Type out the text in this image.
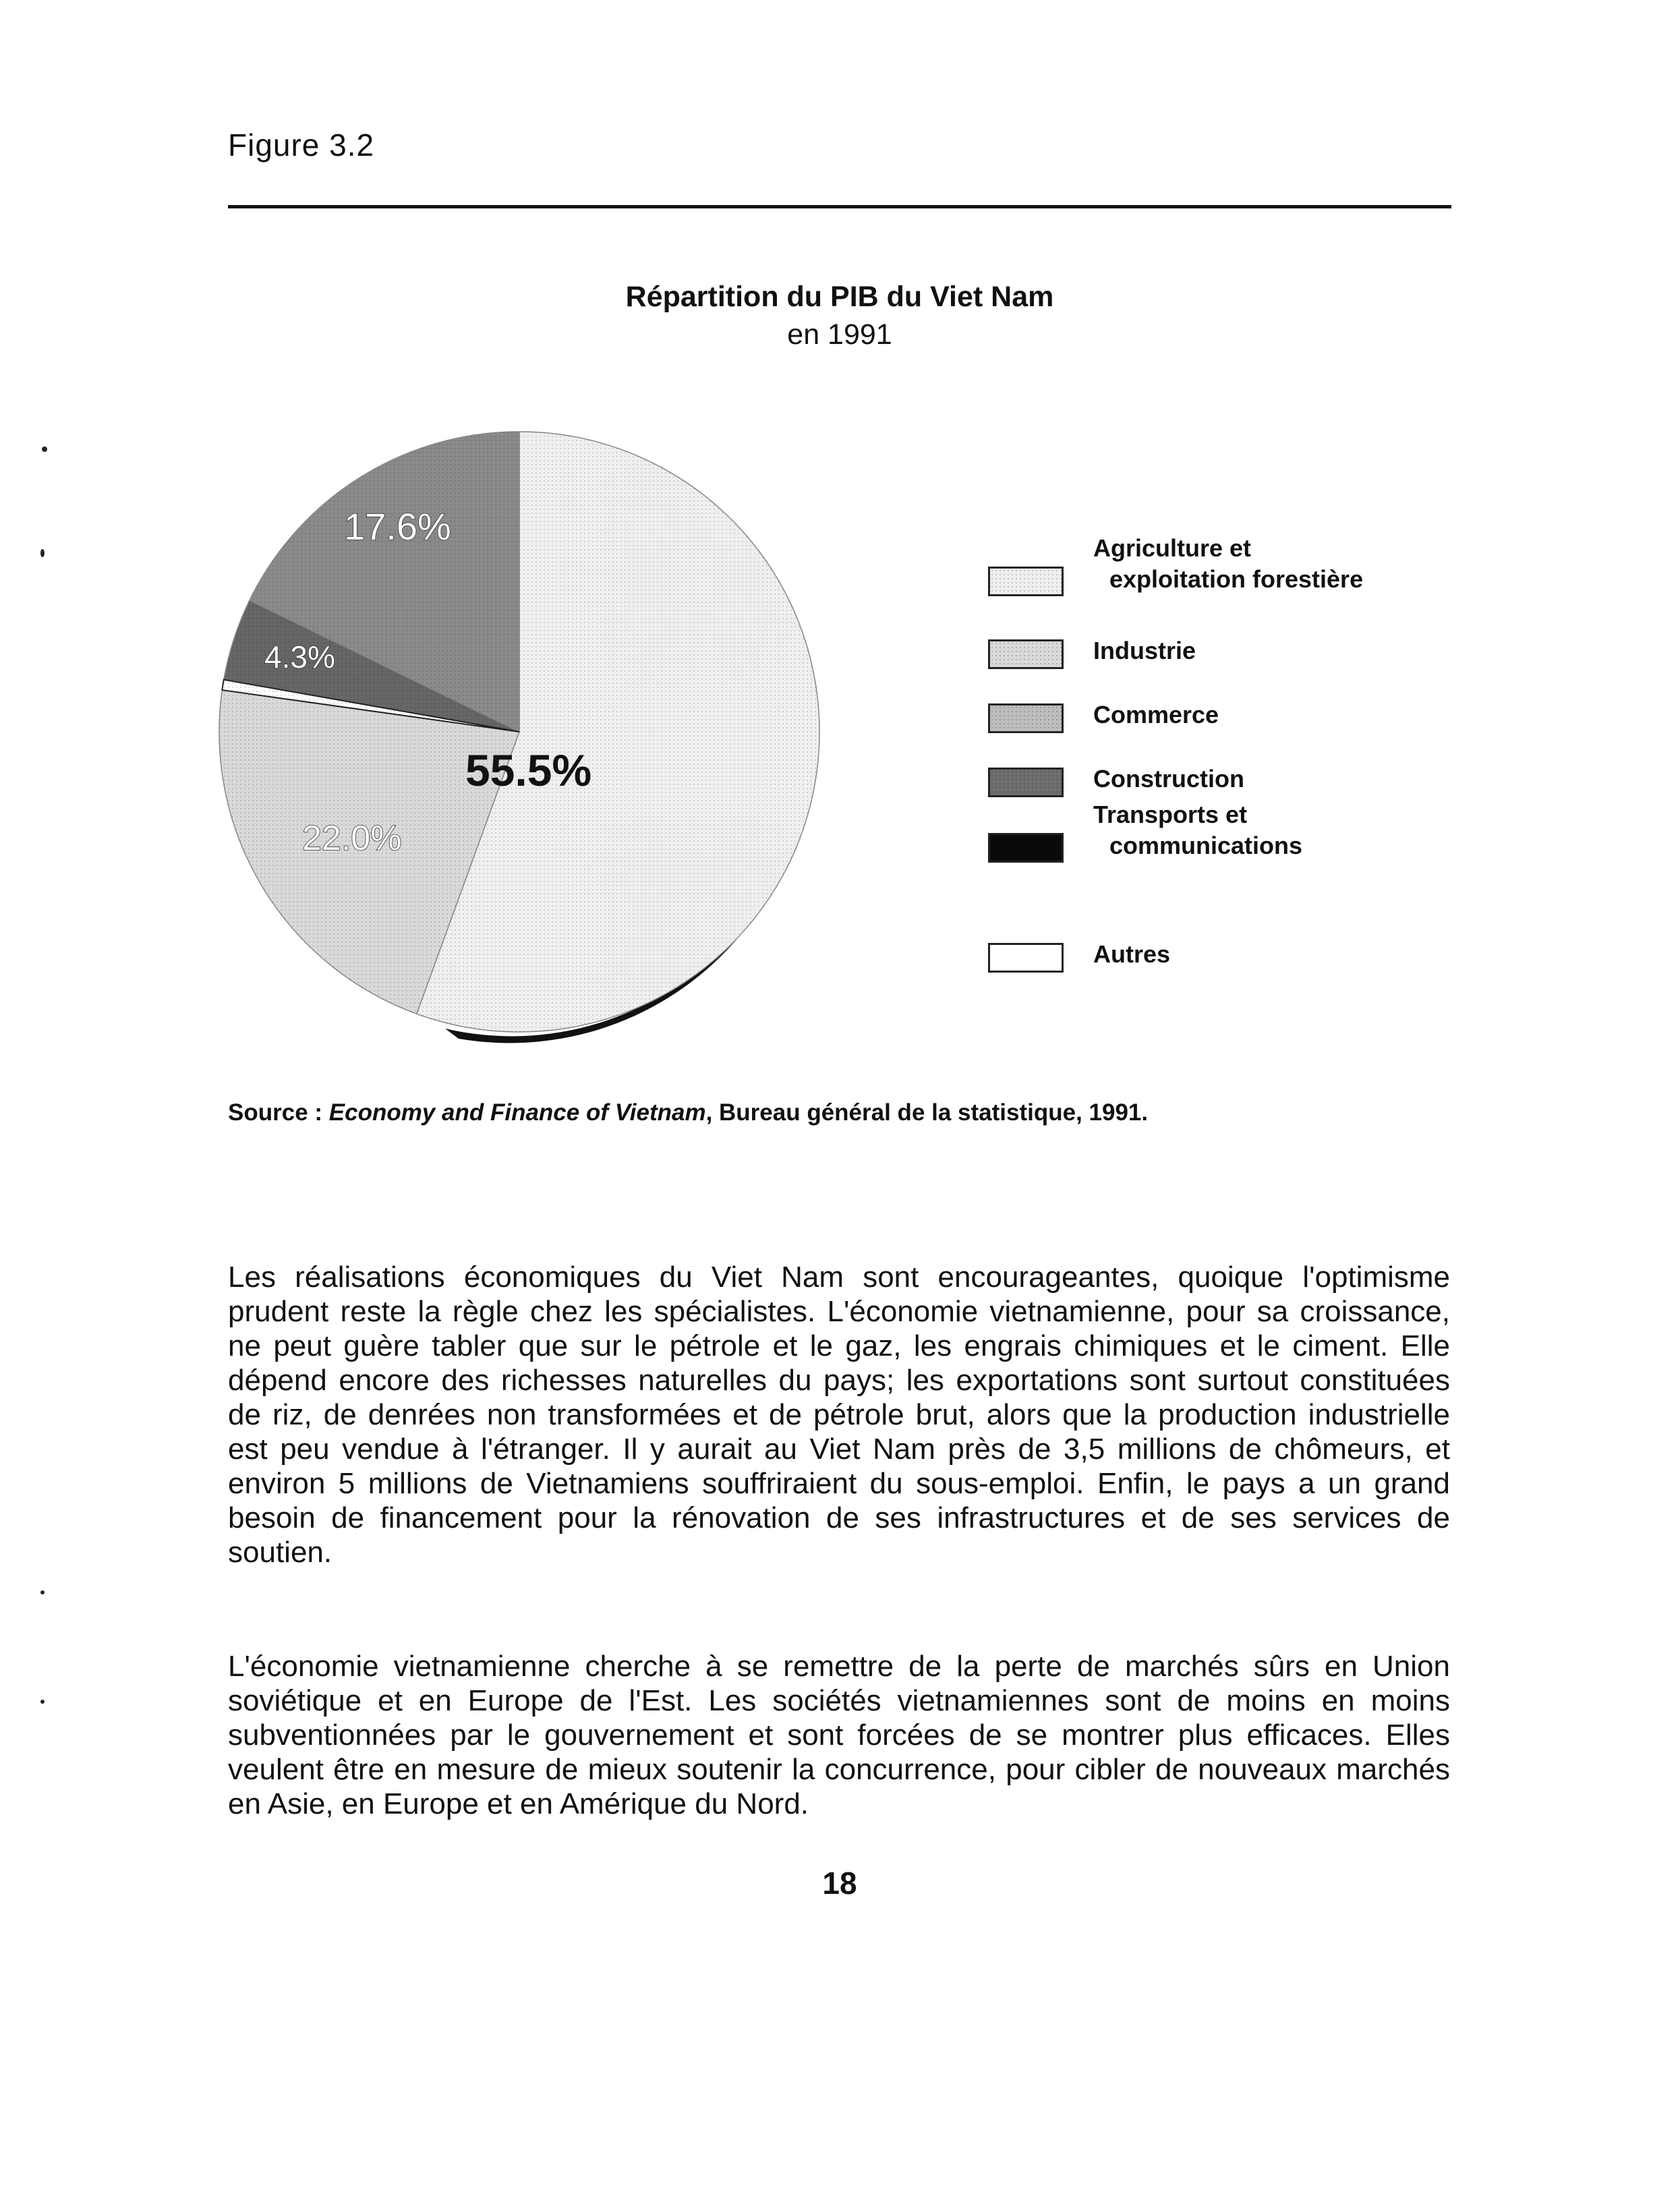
Figure 3.2
Répartition du PIB du Viet Nam
en 1991
22.0%
55.5%
4.3%
17.6%
Agriculture et
exploitation forestière
Industrie
Commerce
Construction
Transports et
communications
Autres
Source : Economy and Finance of Vietnam, Bureau général de la statistique, 1991.

Les réalisations économiques du Viet Nam sont encourageantes, quoique l'optimisme prudent reste la règle chez les spécialistes. L'économie vietnamienne, pour sa croissance, ne peut guère tabler que sur le pétrole et le gaz, les engrais chimiques et le ciment. Elle dépend encore des richesses naturelles du pays; les exportations sont surtout constituées de riz, de denrées non transformées et de pétrole brut, alors que la production industrielle est peu vendue à l'étranger. Il y aurait au Viet Nam près de 3,5 millions de chômeurs, et environ 5 millions de Vietnamiens souffriraient du sous-emploi. Enfin, le pays a un grand besoin de financement pour la rénovation de ses infrastructures et de ses services de soutien.

L'économie vietnamienne cherche à se remettre de la perte de marchés sûrs en Union soviétique et en Europe de l'Est. Les sociétés vietnamiennes sont de moins en moins subventionnées par le gouvernement et sont forcées de se montrer plus efficaces. Elles veulent être en mesure de mieux soutenir la concurrence, pour cibler de nouveaux marchés en Asie, en Europe et en Amérique du Nord.

18
